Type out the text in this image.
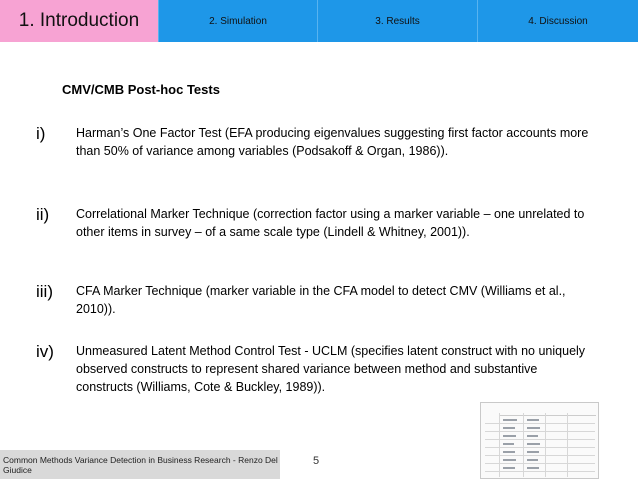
1. Introduction	2. Simulation	3. Results	4. Discussion
CMV/CMB Post-hoc Tests
i)	Harman’s One Factor Test (EFA producing eigenvalues suggesting first factor accounts more than 50% of variance among variables (Podsakoff & Organ, 1986)).
ii)	Correlational Marker Technique (correction factor using a marker variable – one unrelated to other items in survey – of a same scale type (Lindell & Whitney, 2001)).
iii)	CFA Marker Technique (marker variable in the CFA model to detect CMV (Williams et al., 2010)).
iv)	Unmeasured Latent Method Control Test - UCLM (specifies latent construct with no uniquely observed constructs to represent shared variance between method and substantive constructs (Williams, Cote & Buckley, 1989)).
Common Methods Variance Detection in Business Research - Renzo Del Giudice
5
